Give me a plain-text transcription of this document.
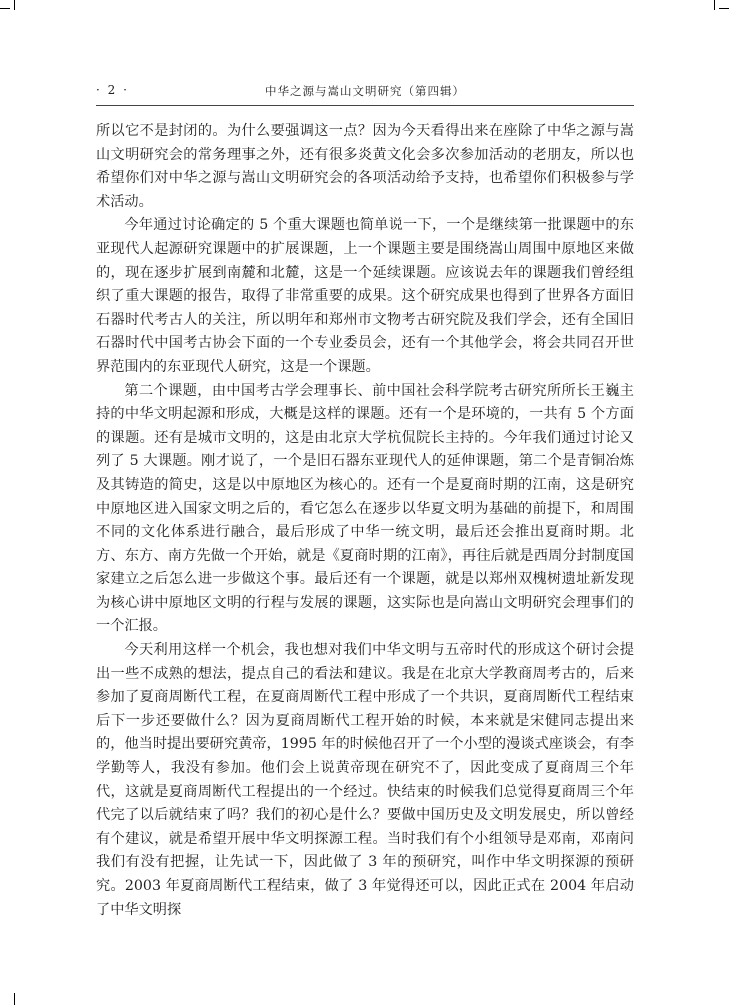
· 2 ·	中华之源与嵩山文明研究（第四辑）

所以它不是封闭的。为什么要强调这一点？因为今天看得出来在座除了中华之源与嵩山文明研究会的常务理事之外，还有很多炎黄文化会多次参加活动的老朋友，所以也希望你们对中华之源与嵩山文明研究会的各项活动给予支持，也希望你们积极参与学术活动。

今年通过讨论确定的 5 个重大课题也简单说一下，一个是继续第一批课题中的东亚现代人起源研究课题中的扩展课题，上一个课题主要是围绕嵩山周围中原地区来做的，现在逐步扩展到南麓和北麓，这是一个延续课题。应该说去年的课题我们曾经组织了重大课题的报告，取得了非常重要的成果。这个研究成果也得到了世界各方面旧石器时代考古人的关注，所以明年和郑州市文物考古研究院及我们学会，还有全国旧石器时代中国考古协会下面的一个专业委员会，还有一个其他学会，将会共同召开世界范围内的东亚现代人研究，这是一个课题。

第二个课题，由中国考古学会理事长、前中国社会科学院考古研究所所长王巍主持的中华文明起源和形成，大概是这样的课题。还有一个是环境的，一共有 5 个方面的课题。还有是城市文明的，这是由北京大学杭侃院长主持的。今年我们通过讨论又列了 5 大课题。刚才说了，一个是旧石器东亚现代人的延伸课题，第二个是青铜冶炼及其铸造的简史，这是以中原地区为核心的。还有一个是夏商时期的江南，这是研究中原地区进入国家文明之后的，看它怎么在逐步以华夏文明为基础的前提下，和周围不同的文化体系进行融合，最后形成了中华一统文明，最后还会推出夏商时期。北方、东方、南方先做一个开始，就是《夏商时期的江南》，再往后就是西周分封制度国家建立之后怎么进一步做这个事。最后还有一个课题，就是以郑州双槐树遗址新发现为核心讲中原地区文明的行程与发展的课题，这实际也是向嵩山文明研究会理事们的一个汇报。

今天利用这样一个机会，我也想对我们中华文明与五帝时代的形成这个研讨会提出一些不成熟的想法，提点自己的看法和建议。我是在北京大学教商周考古的，后来参加了夏商周断代工程，在夏商周断代工程中形成了一个共识，夏商周断代工程结束后下一步还要做什么？因为夏商周断代工程开始的时候，本来就是宋健同志提出来的，他当时提出要研究黄帝，1995 年的时候他召开了一个小型的漫谈式座谈会，有李学勤等人，我没有参加。他们会上说黄帝现在研究不了，因此变成了夏商周三个年代，这就是夏商周断代工程提出的一个经过。快结束的时候我们总觉得夏商周三个年代完了以后就结束了吗？我们的初心是什么？要做中国历史及文明发展史，所以曾经有个建议，就是希望开展中华文明探源工程。当时我们有个小组领导是邓南，邓南问我们有没有把握，让先试一下，因此做了 3 年的预研究，叫作中华文明探源的预研究。2003 年夏商周断代工程结束，做了 3 年觉得还可以，因此正式在 2004 年启动了中华文明探
